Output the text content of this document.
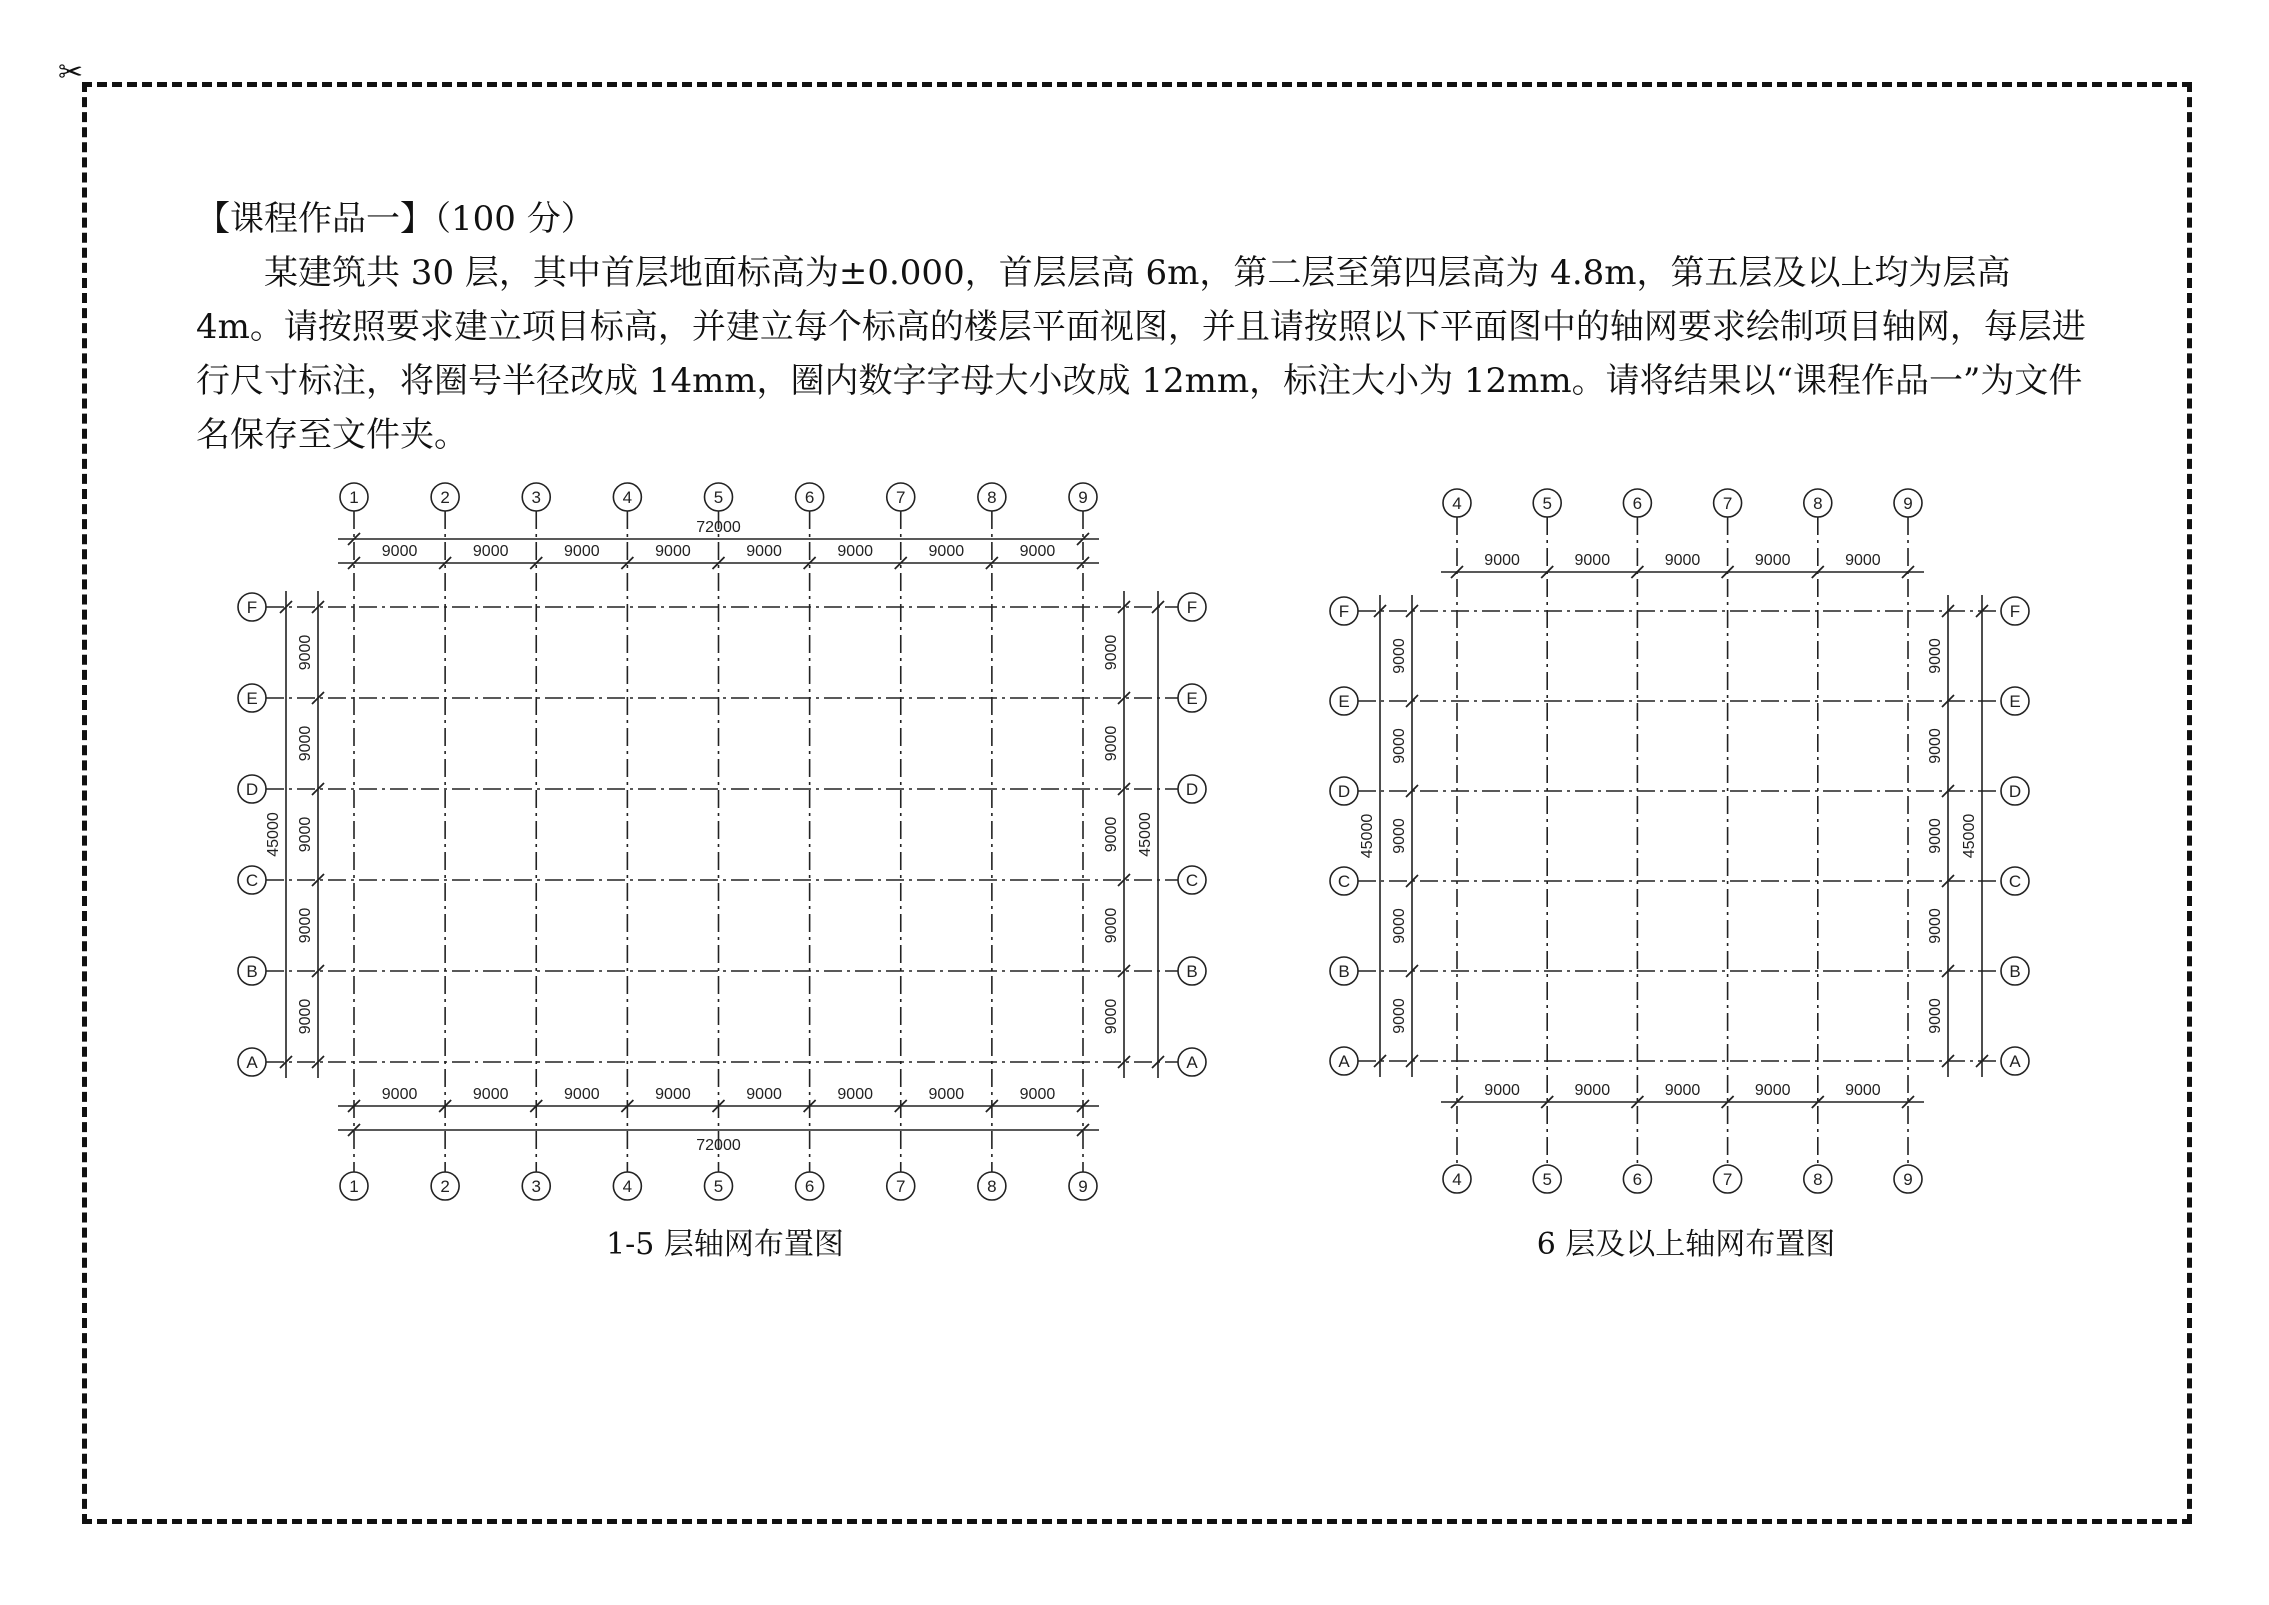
✂
【课程作品一】（100 分）

某建筑共 30 层，其中首层地面标高为±0.000，首层层高 6m，第二层至第四层高为 4.8m，第五层及以上均为层高 4m。请按照要求建立项目标高，并建立每个标高的楼层平面视图，并且请按照以下平面图中的轴网要求绘制项目轴网，每层进行尺寸标注，将圈号半径改成 14mm，圈内数字字母大小改成 12mm，标注大小为 12mm。请将结果以“课程作品一”为文件名保存至文件夹。

1
1
2
2
3
3
4
4
5
5
6
6
7
7
8
8
9
9
A	A
B	B
C	C
D	D
E	E
F	F
9000	9000	9000	9000	9000	9000	9000	9000
72000
9000	9000	9000	9000	9000	9000	9000	9000
72000
9000
9000
9000
9000
9000
45000
9000
9000
9000
9000
9000
45000
4
4
5
5
6
6
7
7
8
8
9
9
A	A
B	B
C	C
D	D
E	E
F	F
9000	9000	9000	9000	9000
9000	9000	9000	9000	9000
9000
9000
9000
9000
9000
45000
9000
9000
9000
9000
9000
45000
1-5 层轴网布置图	6 层及以上轴网布置图
